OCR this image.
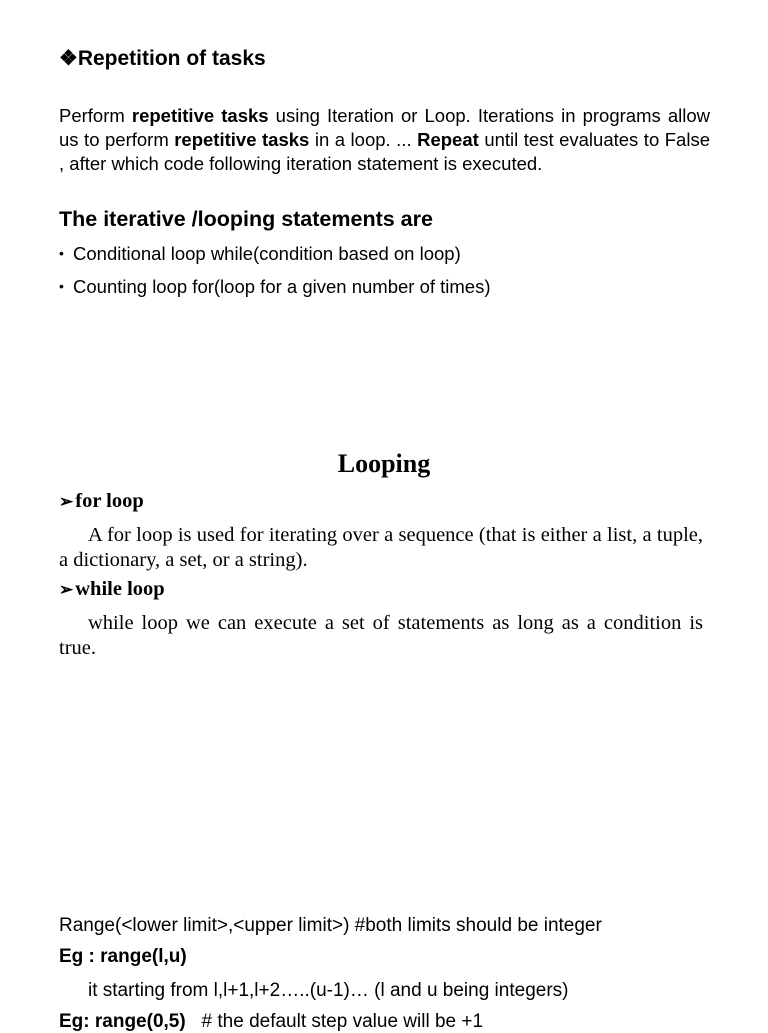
❖Repetition of tasks
Perform repetitive tasks using Iteration or Loop. Iterations in programs allow us to perform repetitive tasks in a loop. ... Repeat until test evaluates to False , after which code following iteration statement is executed.
The iterative /looping statements are
• Conditional loop while(condition based on loop)
• Counting loop for(loop for a given number of times)
Looping
➢for loop
A for loop is used for iterating over a sequence (that is either a list, a tuple, a dictionary, a set, or a string).
➢while loop
while loop we can execute a set of statements as long as a condition is true.
Range(<lower limit>,<upper limit>) #both limits should be integer
Eg : range(l,u)
it starting from l,l+1,l+2…..(u-1)… (l and u being integers)
Eg: range(0,5)   # the default step value will be +1
